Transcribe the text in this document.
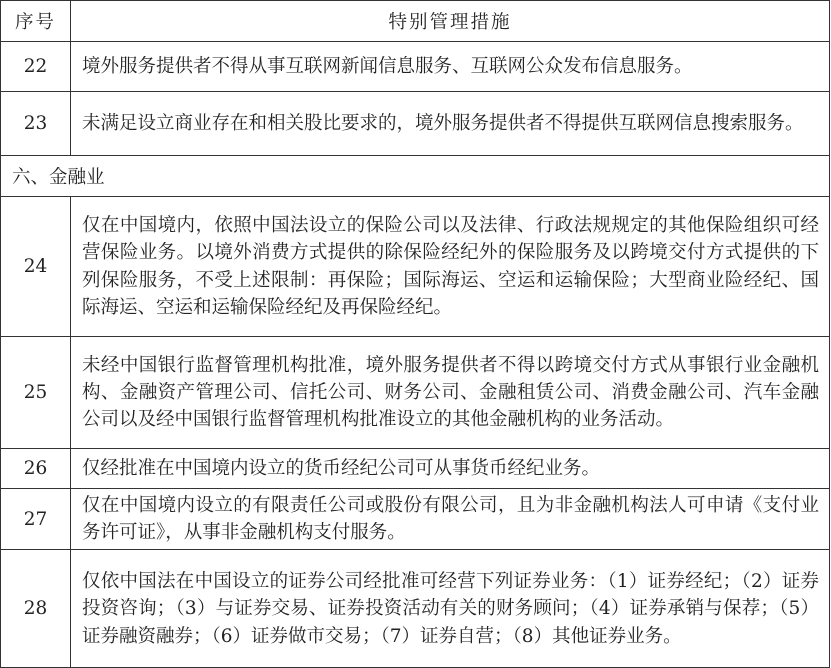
序号	特别管理措施
22	境外服务提供者不得从事互联网新闻信息服务、互联网公众发布信息服务。
23	未满足设立商业存在和相关股比要求的，境外服务提供者不得提供互联网信息搜索服务。
六、金融业	
24	仅在中国境内，依照中国法设立的保险公司以及法律、行政法规规定的其他保险组织可经营保险业务。以境外消费方式提供的除保险经纪外的保险服务及以跨境交付方式提供的下列保险服务，不受上述限制：再保险；国际海运、空运和运输保险；大型商业险经纪、国际海运、空运和运输保险经纪及再保险经纪。
25	未经中国银行监督管理机构批准，境外服务提供者不得以跨境交付方式从事银行业金融机构、金融资产管理公司、信托公司、财务公司、金融租赁公司、消费金融公司、汽车金融公司以及经中国银行监督管理机构批准设立的其他金融机构的业务活动。
26	仅经批准在中国境内设立的货币经纪公司可从事货币经纪业务。
27	仅在中国境内设立的有限责任公司或股份有限公司，且为非金融机构法人可申请《支付业务许可证》，从事非金融机构支付服务。
28	仅依中国法在中国设立的证券公司经批准可经营下列证券业务：（1）证券经纪；（2）证券投资咨询；（3）与证券交易、证券投资活动有关的财务顾问；（4）证券承销与保荐；（5）证券融资融券；（6）证券做市交易；（7）证券自营；（8）其他证券业务。
